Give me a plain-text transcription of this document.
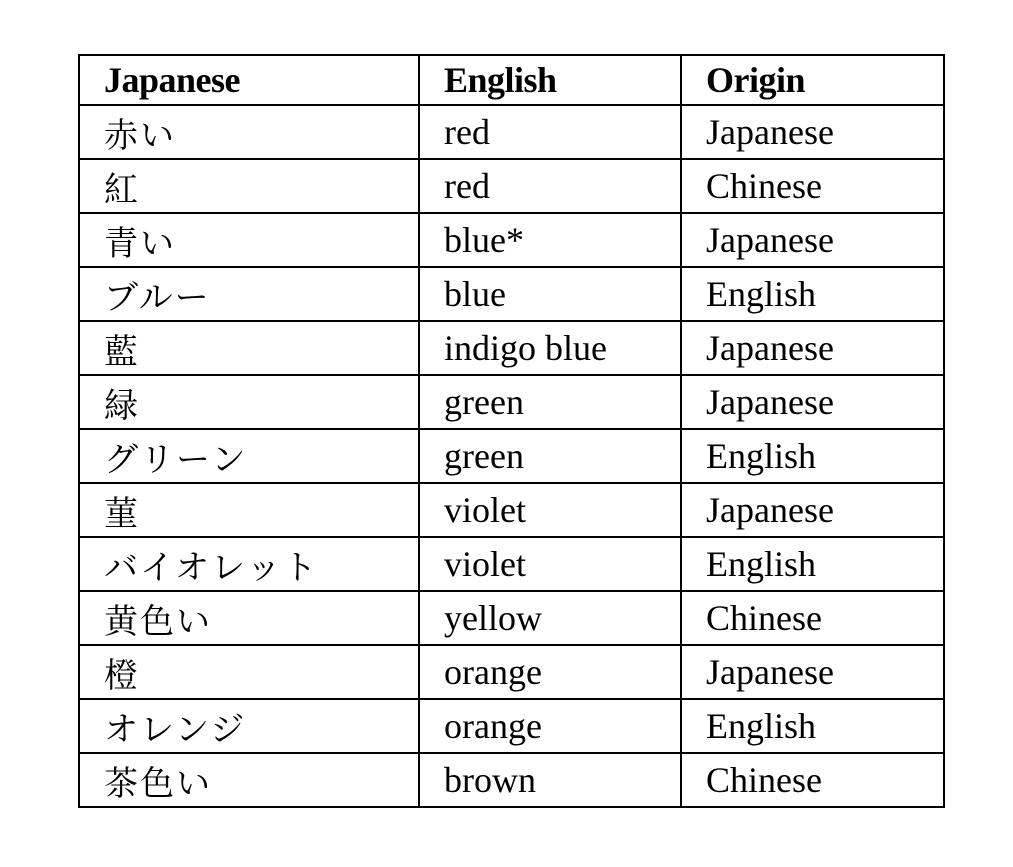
Japanese	English	Origin
赤い	red	Japanese
紅	red	Chinese
青い	blue*	Japanese
ブルー	blue	English
藍	indigo blue	Japanese
緑	green	Japanese
グリーン	green	English
菫	violet	Japanese
バイオレット	violet	English
黄色い	yellow	Chinese
橙	orange	Japanese
オレンジ	orange	English
茶色い	brown	Chinese
